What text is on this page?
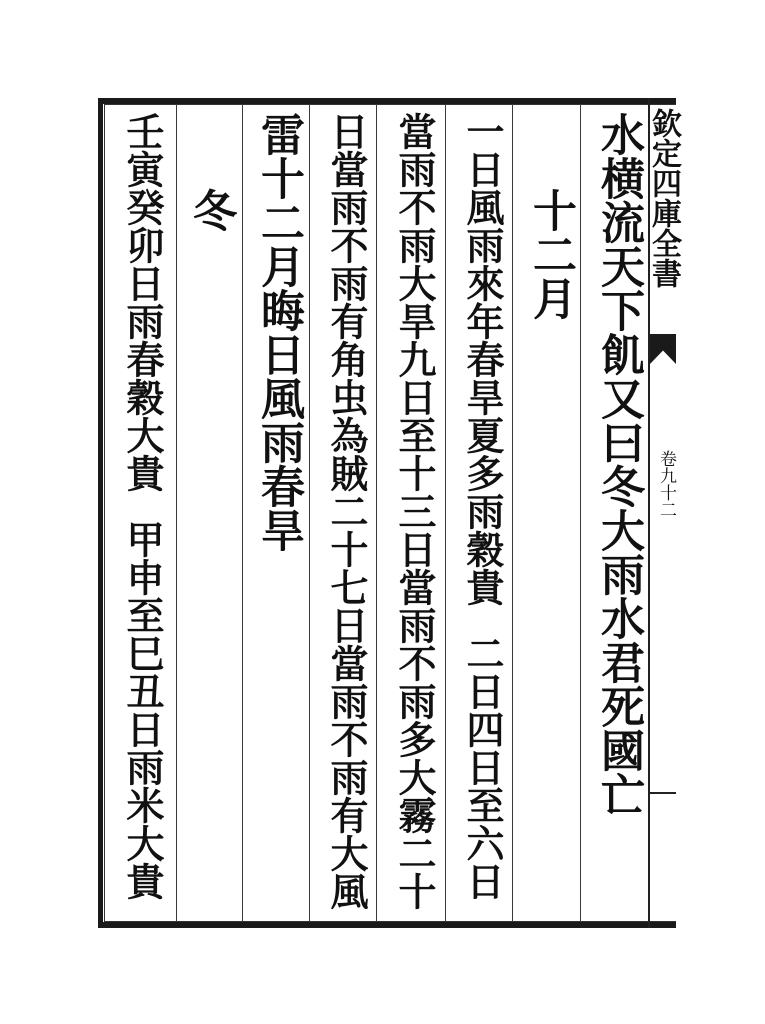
水横流天下飢又曰冬大雨水君死國亡
十二月
一日風雨來年春旱夏多雨穀貴
二日四日至六日
當雨不雨大旱九日至十三日當雨不雨多大霧二十
日當雨不雨有角虫為賊二十七日當雨不雨有大風
雷十二月晦日風雨春旱
冬
壬寅癸卯日雨春穀大貴
甲申至巳丑日雨米大貴
欽定四庫全書
卷九十二
